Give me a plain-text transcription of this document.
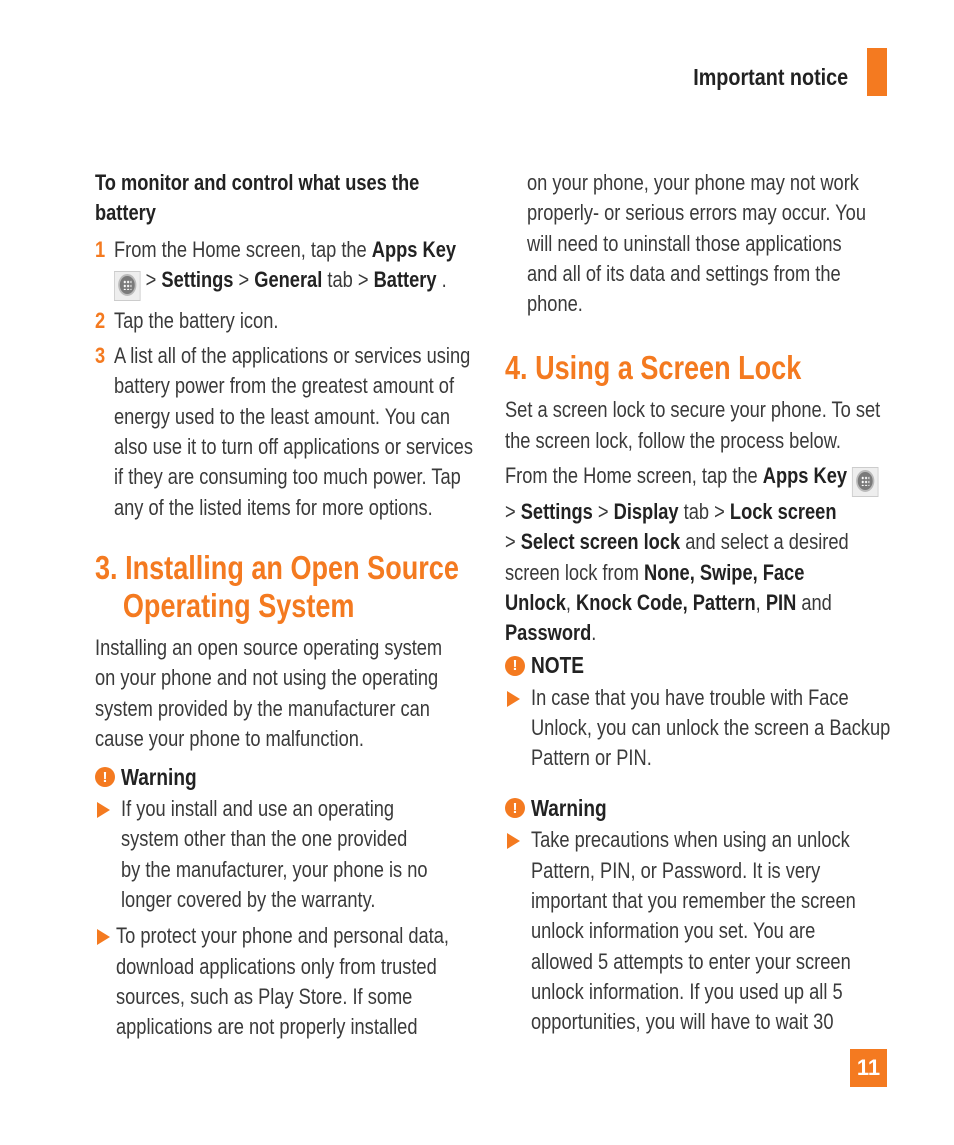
Important notice
To monitor and control what uses the
battery
1 From the Home screen, tap the Apps Key
> Settings > General tab > Battery .
2 Tap the battery icon.
3 A list all of the applications or services using
battery power from the greatest amount of
energy used to the least amount. You can
also use it to turn off applications or services
if they are consuming too much power. Tap
any of the listed items for more options.
3. Installing an Open Source
Operating System
Installing an open source operating system
on your phone and not using the operating
system provided by the manufacturer can
cause your phone to malfunction.
! Warning
If you install and use an operating
system other than the one provided
by the manufacturer, your phone is no
longer covered by the warranty.
To protect your phone and personal data,
download applications only from trusted
sources, such as Play Store. If some
applications are not properly installed
on your phone, your phone may not work
properly- or serious errors may occur. You
will need to uninstall those applications
and all of its data and settings from the
phone.
4. Using a Screen Lock
Set a screen lock to secure your phone. To set
the screen lock, follow the process below.
From the Home screen, tap the Apps Key
> Settings > Display tab > Lock screen
> Select screen lock and select a desired
screen lock from None, Swipe, Face
Unlock, Knock Code, Pattern, PIN and
Password.
! NOTE
In case that you have trouble with Face
Unlock, you can unlock the screen a Backup
Pattern or PIN.
! Warning
Take precautions when using an unlock
Pattern, PIN, or Password. It is very
important that you remember the screen
unlock information you set. You are
allowed 5 attempts to enter your screen
unlock information. If you used up all 5
opportunities, you will have to wait 30
11
